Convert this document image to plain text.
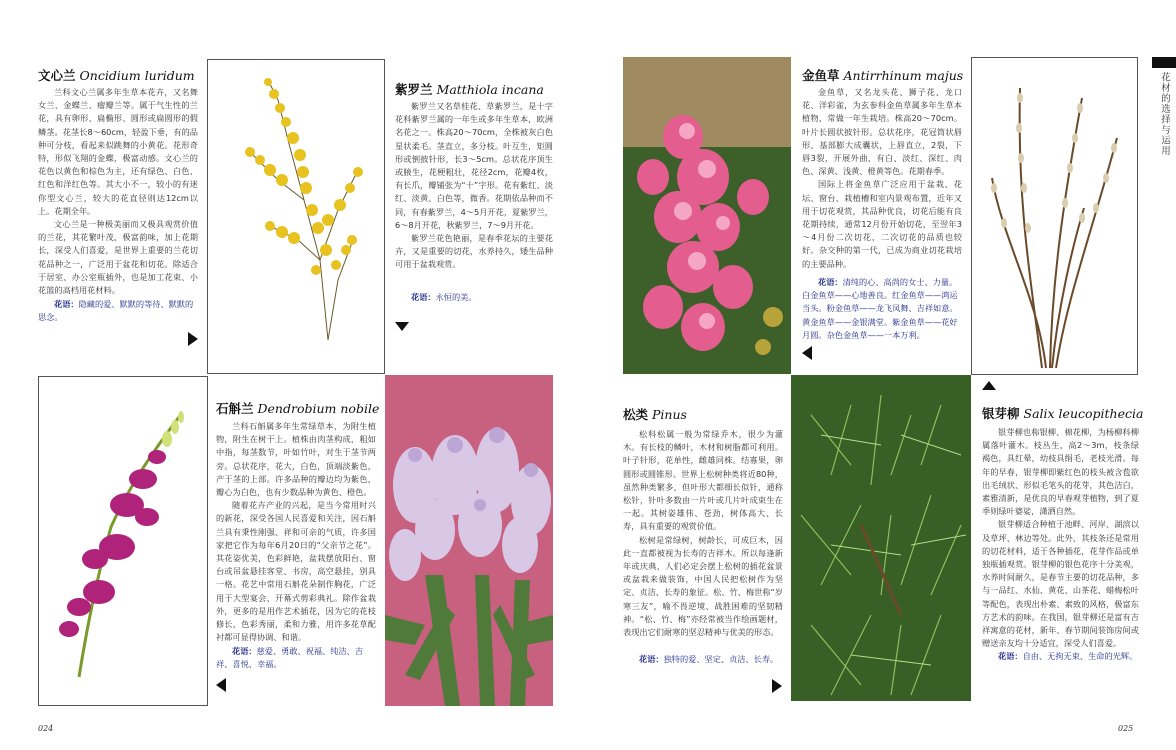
文心兰 Oncidium luridum

兰科文心兰属多年生草本花卉，又名舞女兰、金蝶兰、瘤瓣兰等。属于气生性的兰花，具有卵形、扁椭形、圆形或扁圆形的假鳞茎。花茎长8～60cm，轻盈下垂，有的品种可分枝，看起来似跳舞的小黄花。花形奇特，形似飞翔的金蝶，极富动感。文心兰的花色以黄色和棕色为主，还有绿色、白色、红色和洋红色等。其大小不一，较小的有迷你型文心兰，较大的花直径则达12cm以上。花期全年。

文心兰是一种极美丽而又极具观赏价值的兰花，其花繁叶茂，极富韵味，加上花期长，深受人们喜爱，是世界上重要的兰花切花品种之一，广泛用于盆花和切花。除适合于居室、办公室瓶插外，也是加工花束、小花篮的高档用花材料。

花语：隐藏的爱、默默的等待、默默的思念。
紫罗兰 Matthiola incana

紫罗兰又名草桂花、草紫罗兰，是十字花科紫罗兰属的一年生或多年生草本，欧洲名花之一。株高20～70cm，全株被灰白色星状柔毛。茎直立，多分枝。叶互生，矩圆形或倒披针形，长3～5cm。总状花序顶生或腋生，花梗粗壮，花径2cm，花瓣4枚，有长爪，瓣铺张为“十”字形。花有紫红、淡红、淡黄、白色等，微香。花期依品种而不同，有春紫罗兰，4～5月开花，夏紫罗兰，6～8月开花，秋紫罗兰，7～9月开花。

紫罗兰花色艳丽，是春季花坛的主要花卉，又是重要的切花，水养持久，矮生品种可用于盆栽观赏。

花语：永恒的美。
石斛兰 Dendrobium nobile

兰科石斛属多年生常绿草本，为附生植物，附生在树干上。植株由肉茎构成，粗如中指，每茎数节，叶如竹叶，对生于茎节两旁。总状花序，花大，白色，顶端淡紫色，产于茎的上部。许多品种的瓣边均为紫色，瓣心为白色，也有少数品种为黄色、橙色。

随着花卉产业的兴起，是当今常用时兴的新花，深受各国人民喜爱和关注，因石斛兰具有秉性刚强、祥和可亲的气质，许多国家把它作为每年6月20日的“父亲节之花”。其花姿优美，色彩鲜艳，盆栽摆放阳台、窗台或吊盆悬挂客堂、书房，高空悬挂，别具一格。花艺中常用石斛花朵制作胸花，广泛用于大型宴会、开幕式剪彩典礼。除作盆栽外，更多的是用作艺术插花，因为它的花枝修长，色彩秀丽，柔和力雅，用许多花草配衬都可显得协调、和谐。

花语：慈爱、勇敢、祝福、纯洁、吉祥、喜悦、幸福。
024
金鱼草 Antirrhinum majus

金鱼草，又名龙头花、狮子花、龙口花、洋彩雀，为玄参科金鱼草属多年生草本植物，常做一年生栽培。株高20～70cm。叶片长圆状披针形。总状花序，花冠筒状唇形，基部膨大成囊状，上唇直立，2裂，下唇3裂，开展外曲，有白、淡红、深红、肉色、深黄、浅黄、橙黄等色。花期春季。

国际上将金鱼草广泛应用于盆栽、花坛、窗台、栽植槽和室内景观布置，近年又用于切花观赏，其品种优良，切花后能有良花期持续，通常12月份开始切花，至翌年3～4月份二次切花，二次切花的品质也较好。杂交种的第一代，已成为商业切花栽培的主要品种。

花语：清纯的心、高尚的女士、力量。白金鱼草——心地善良。红金鱼草——鸿运当头。粉金鱼草——龙飞凤舞、吉祥如意。黄金鱼草——金银满堂。紫金鱼草——花好月圆。杂色金鱼草——一本万利。
花材的选择与运用
松类 Pinus

松科松属一般为常绿乔木，很少为灌木。有长枝的鳞叶，木材和树脂都可利用。叶子针形，花单性，雌雄同株。结寡果，卵圆形或圆锥形。世界上松树种类将近80种，虽然种类繁多，但叶形大都细长似针，通称松针，针叶多数由一片叶或几片叶成束生在一起。其树姿雄伟、苍劲，树体高大、长寿，具有重要的观赏价值。

松树是常绿树，树龄长，可成巨木，因此一直都被视为长寿的吉祥木。所以每逢新年或庆典，人们必定会摆上松树的插花盆景或盆栽来做装饰，中国人民把松树作为坚定、贞洁、长寿的象征。松、竹、梅世称“岁寒三友”，喻不畏逆境、战胜困难的坚韧精神。“松、竹、梅”亦经常被当作绘画题材，表现出它们耐寒的坚忍精神与优美的形态。

花语：独特的爱、坚定、贞洁、长寿。
银芽柳 Salix leucopithecia

银芽柳也称银柳、棉花柳，为杨柳科柳属落叶灌木。枝丛生，高2～3m，枝条绿褐色，具红晕，幼枝具绢毛，老枝光滑。每年的早春，银芽柳即紫红色的枝头被含苞欲出毛绒状、形似毛笔头的花芽，其色洁白，素雅清新，是优良的早春观芽植物，到了夏季则绿叶婆娑，潇洒自然。

银芽柳适合种植于池畔、河岸、湖滨以及草坪、林边等处。此外，其枝条还是常用的切花材料，适于各种插花，花芽作品或单独瓶插观赏。银芽柳的银色花序十分美观，水养时间耐久，是春节主要的切花品种，多与一品红、水仙、黄花、山茶花、蜡梅松叶等配色，表现出朴素、素致的风格，极富东方艺术的韵味。在我国，银芽柳还是富有吉祥寓意的花材，新年、春节期间装饰房间或赠送亲友均十分适宜，深受人们喜爱。

花语：自由、无拘无束、生命的光辉。
025
